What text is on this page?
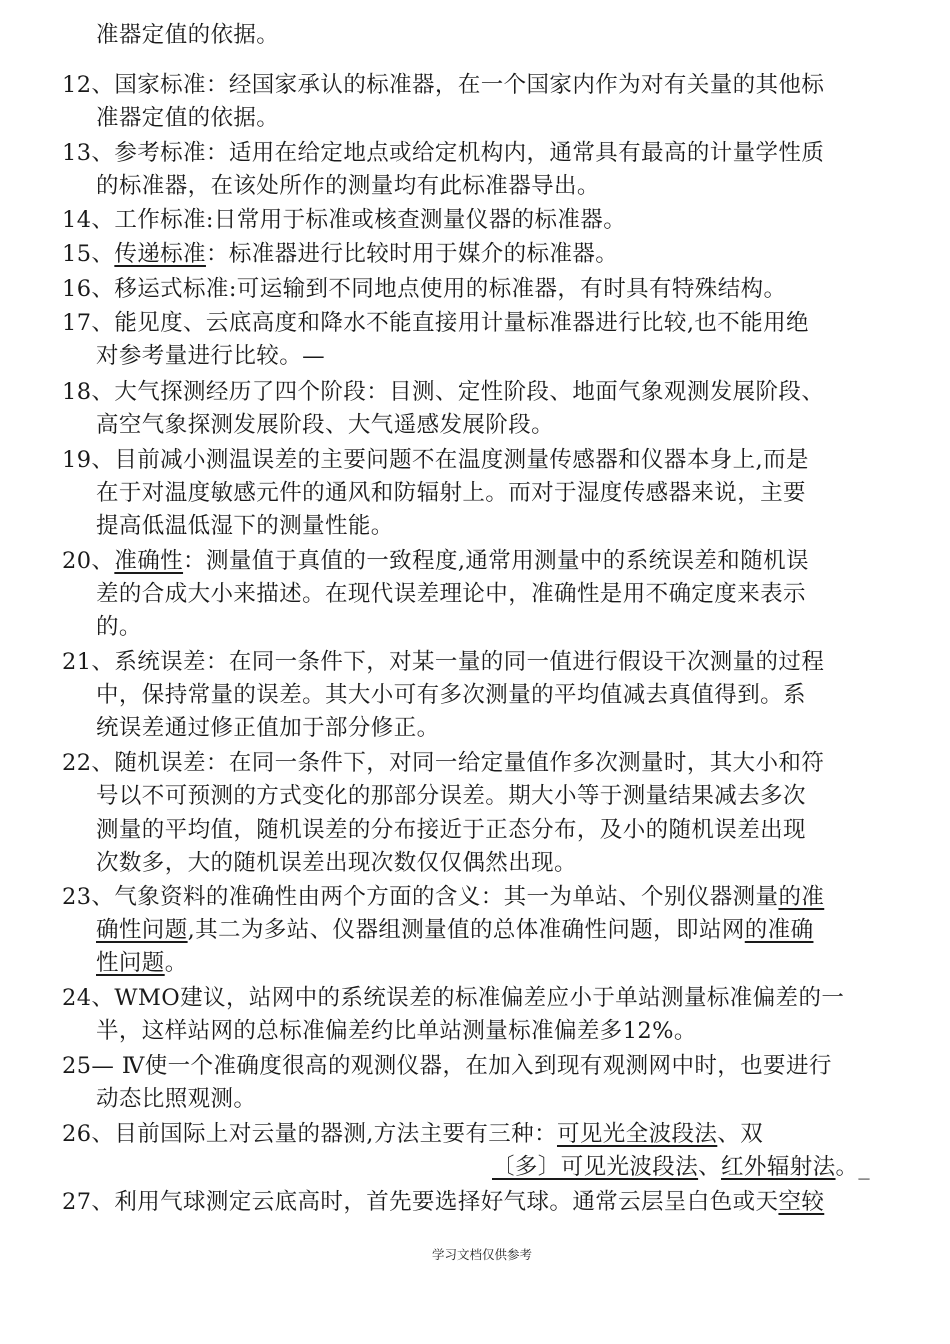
准器定值的依据。
12、国家标准：经国家承认的标准器，在一个国家内作为对有关量的其他标
准器定值的依据。
13、参考标准：适用在给定地点或给定机构内，通常具有最高的计量学性质
的标准器，在该处所作的测量均有此标准器导出。
14、工作标准:日常用于标准或核查测量仪器的标准器。
15、传递标准：标准器进行比较时用于媒介的标准器。
16、移运式标准:可运输到不同地点使用的标准器，有时具有特殊结构。
17、能见度、云底高度和降水不能直接用计量标准器进行比较,也不能用绝
对参考量进行比较。—
18、大气探测经历了四个阶段：目测、定性阶段、地面气象观测发展阶段、
高空气象探测发展阶段、大气遥感发展阶段。
19、目前减小测温误差的主要问题不在温度测量传感器和仪器本身上,而是
在于对温度敏感元件的通风和防辐射上。而对于湿度传感器来说，主要
提高低温低湿下的测量性能。
20、准确性：测量值于真值的一致程度,通常用测量中的系统误差和随机误
差的合成大小来描述。在现代误差理论中，准确性是用不确定度来表示
的。
21、系统误差：在同一条件下，对某一量的同一值进行假设干次测量的过程
中，保持常量的误差。其大小可有多次测量的平均值减去真值得到。系
统误差通过修正值加于部分修正。
22、随机误差：在同一条件下，对同一给定量值作多次测量时，其大小和符
号以不可预测的方式变化的那部分误差。期大小等于测量结果减去多次
测量的平均值，随机误差的分布接近于正态分布，及小的随机误差出现
次数多，大的随机误差出现次数仅仅偶然出现。
23、气象资料的准确性由两个方面的含义：其一为单站、个别仪器测量的准
确性问题,其二为多站、仪器组测量值的总体准确性问题，即站网的准确
性问题。
24、WMO建议，站网中的系统误差的标准偏差应小于单站测量标准偏差的一
半，这样站网的总标准偏差约比单站测量标准偏差多12%。
25— Ⅳ使一个准确度很高的观测仪器，在加入到现有观测网中时，也要进行
动态比照观测。
26、目前国际上对云量的器测,方法主要有三种：可见光全波段法、双
〔多〕可见光波段法、红外辐射法。_
27、利用气球测定云底高时，首先要选择好气球。通常云层呈白色或天空较
学习文档仅供参考
